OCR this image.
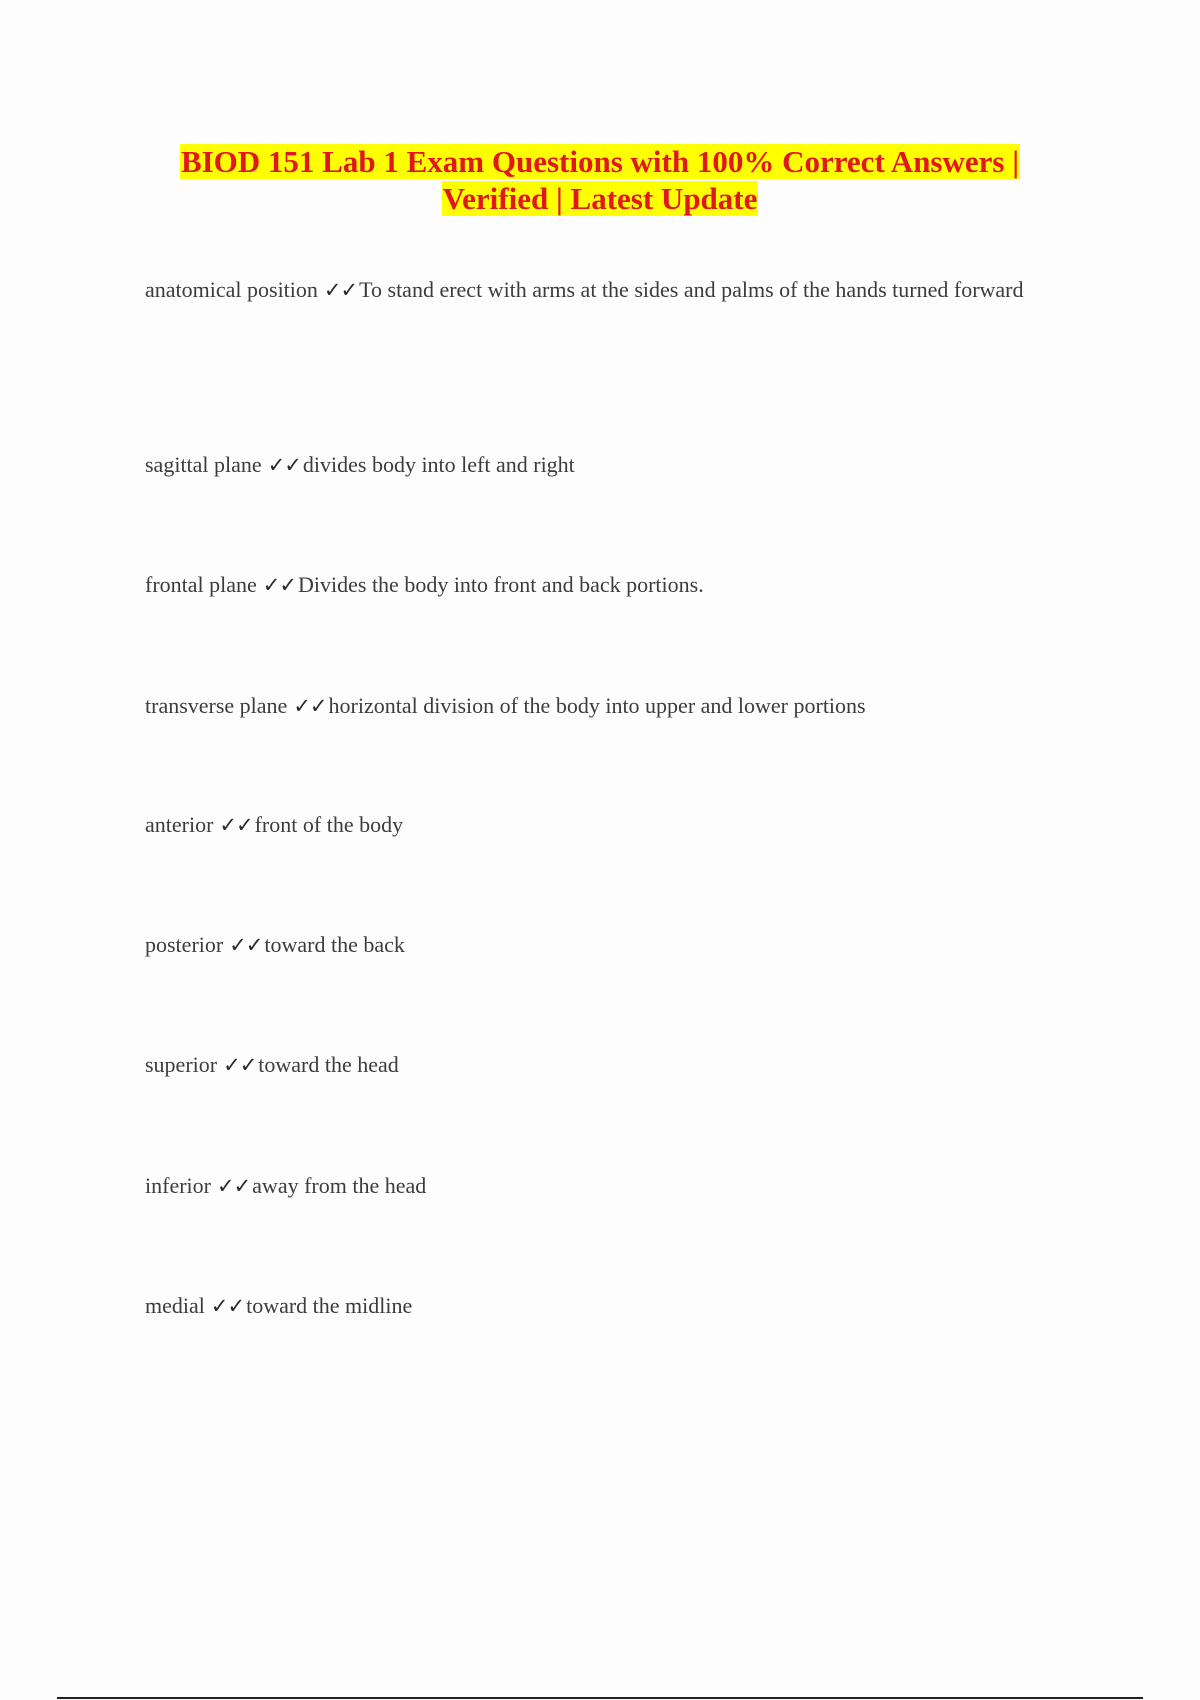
BIOD 151 Lab 1 Exam Questions with 100% Correct Answers |
Verified | Latest Update
anatomical position ✓✓To stand erect with arms at the sides and palms of the hands turned forward
sagittal plane ✓✓divides body into left and right
frontal plane ✓✓Divides the body into front and back portions.
transverse plane ✓✓horizontal division of the body into upper and lower portions
anterior ✓✓front of the body
posterior ✓✓toward the back
superior ✓✓toward the head
inferior ✓✓away from the head
medial ✓✓toward the midline
